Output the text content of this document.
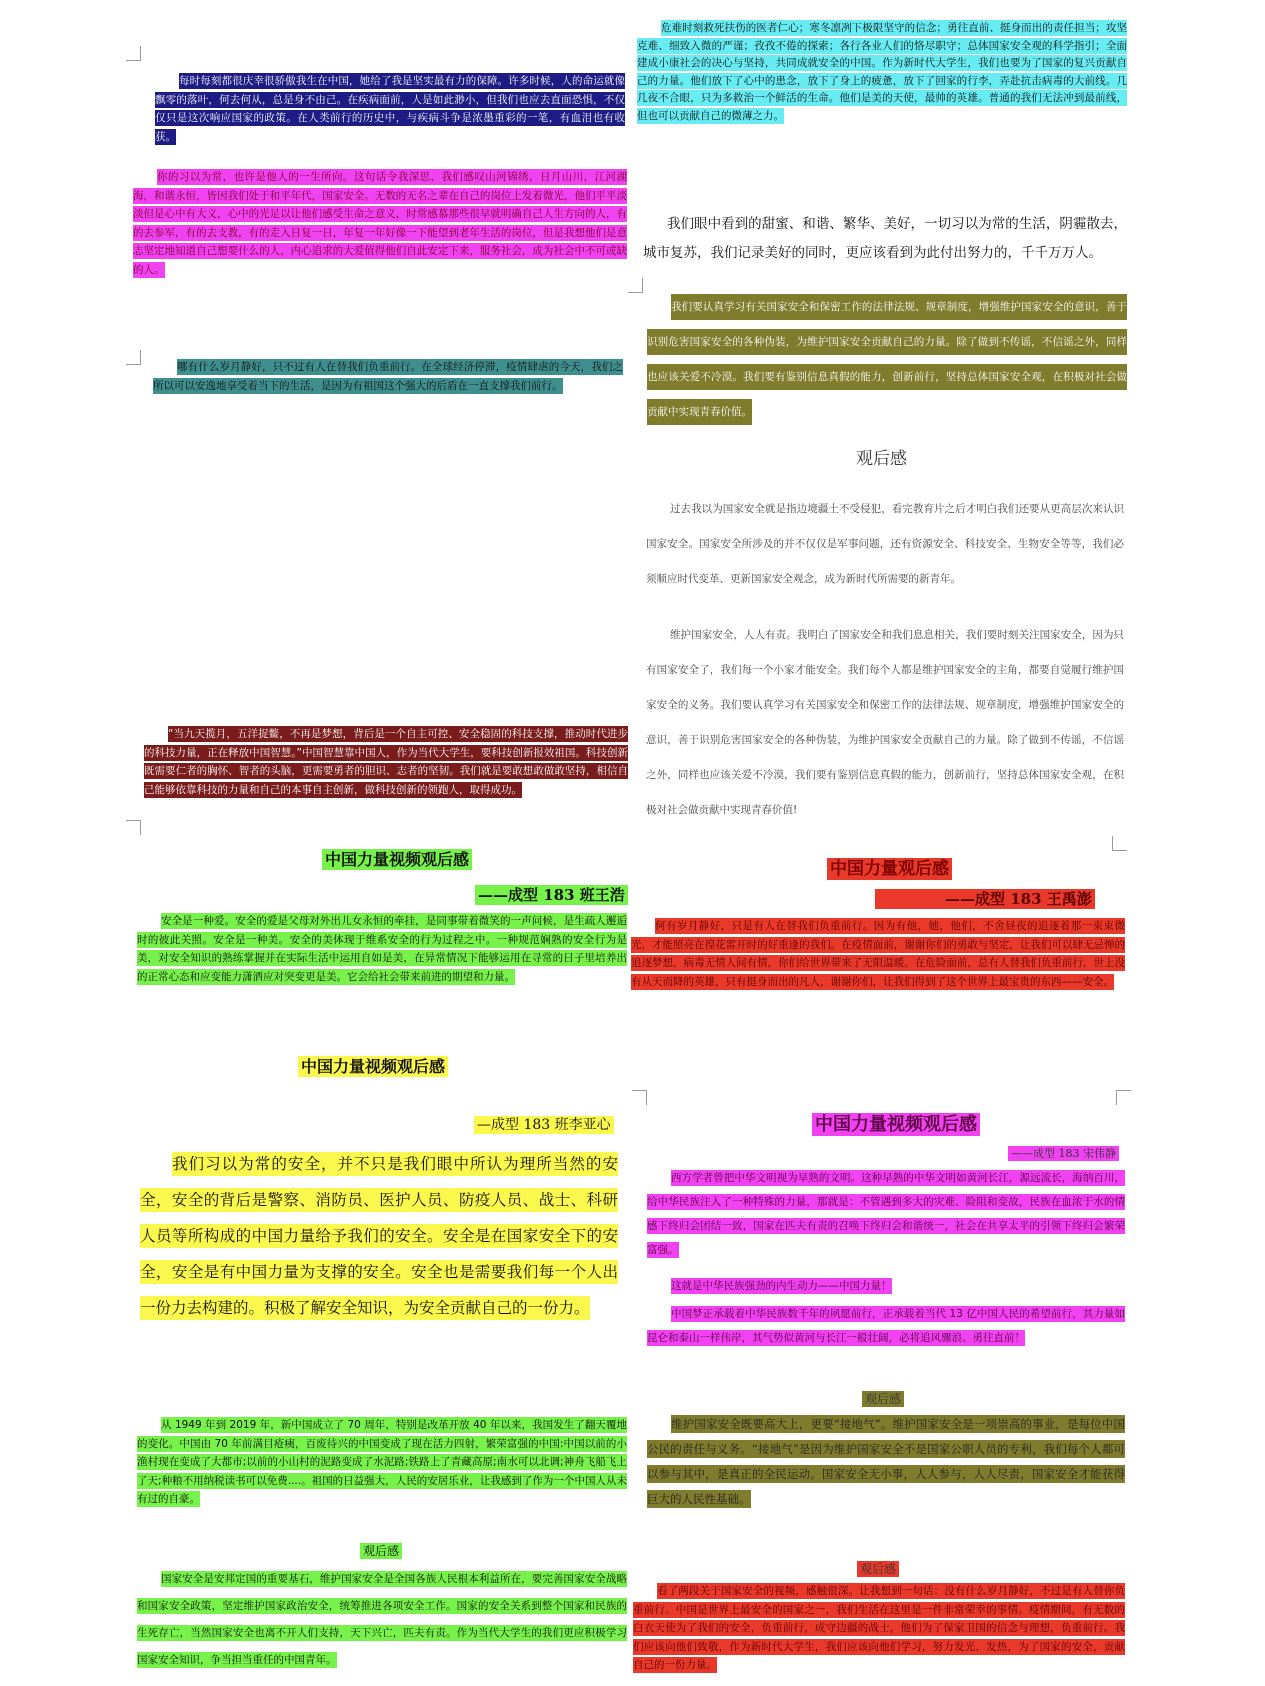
每时每刻都很庆幸很骄傲我生在中国，她给了我是坚实最有力的保障。许多时候，人的命运就像飘零的落叶，何去何从，总是身不由己。在疾病面前，人是如此渺小，但我们也应去直面恐惧，不仅仅只是这次响应国家的政策。在人类前行的历史中，与疾病斗争是浓墨重彩的一笔，有血泪也有收获。
你的习以为常，也许是他人的一生所向。这句话令我深思，我们感叹山河锦绣，日月山川，江河湖海，和谐永恒，皆因我们处于和平年代，国家安全。无数的无名之辈在自己的岗位上发着微光，他们平平淡淡但是心中有大义，心中的光足以让他们感受生命之意义，时常感慕那些很早就明确自己人生方向的人，有的去参军，有的去支教，有的走入日复一日，年复一年好像一下能望到老年生活的岗位，但是我想他们是意志坚定地知道自己想要什么的人，内心追求的大爱值得他们自此安定下来，服务社会，成为社会中不可或缺的人。
哪有什么岁月静好，只不过有人在替我们负重前行。在全球经济停滞，疫情肆虐的今天，我们之所以可以安逸地享受着当下的生活，是因为有祖国这个强大的后盾在一直支撑我们前行。
“当九天揽月，五洋捉鳖，不再是梦想，背后是一个自主可控、安全稳固的科技支撑，推动时代进步的科技力量，正在释放中国智慧。”中国智慧靠中国人，作为当代大学生，要科技创新报效祖国。科技创新既需要仁者的胸怀、智者的头脑，更需要勇者的胆识、志者的坚韧。我们就是要敢想敢做敢坚持，相信自己能够依靠科技的力量和自己的本事自主创新，做科技创新的领跑人，取得成功。
中国力量视频观后感
——成型 183 班王浩
安全是一种爱。安全的爱是父母对外出儿女永恒的牵挂，是同事带着微笑的一声问候，是生疏人邂逅时的彼此关照。安全是一种美。安全的美体现于维系安全的行为过程之中。一种规范娴熟的安全行为是美，对安全知识的熟练掌握并在实际生活中运用自如是美，在异常情况下能够运用在寻常的日子里培养出的正常心态和应变能力潇洒应对突变更是美。它会给社会带来前进的期望和力量。
中国力量视频观后感
—成型 183 班李亚心
我们习以为常的安全，并不只是我们眼中所认为理所当然的安全，安全的背后是警察、消防员、医护人员、防疫人员、战士、科研人员等所构成的中国力量给予我们的安全。安全是在国家安全下的安全，安全是有中国力量为支撑的安全。安全也是需要我们每一个人出一份力去构建的。积极了解安全知识，为安全贡献自己的一份力。
从 1949 年到 2019 年，新中国成立了 70 周年，特别是改革开放 40 年以来，我国发生了翻天覆地的变化。中国由 70 年前满目疮痍，百废待兴的中国变成了现在活力四射，繁荣富强的中国:中国以前的小渔村现在变成了大都市;以前的小山村的泥路变成了水泥路;铁路上了青藏高原;南水可以北调;神舟飞船飞上了天;种粮不用纳税读书可以免费....。祖国的日益强大，人民的安居乐业，让我感到了作为一个中国人从未有过的自豪。
观后感
国家安全是安邦定国的重要基石，维护国家安全是全国各族人民根本利益所在，要完善国家安全战略和国家安全政策，坚定维护国家政治安全，统筹推进各项安全工作。国家的安全关系到整个国家和民族的生死存亡，当然国家安全也离不开人们支持，天下兴亡，匹夫有责。作为当代大学生的我们更应积极学习国家安全知识，争当担当重任的中国青年。
危难时刻救死扶伤的医者仁心；寒冬凛冽下极限坚守的信念；勇往直前、挺身而出的责任担当；攻坚克难、细致入微的严谨；孜孜不倦的探索；各行各业人们的恪尽职守；总体国家安全观的科学指引；全面建成小康社会的决心与坚持，共同成就安全的中国。作为新时代大学生，我们也要为了国家的复兴贡献自己的力量。他们放下了心中的患念，放下了身上的疲惫，放下了回家的行李，弄赴抗击病毒的大前线。几几夜不合眼，只为多救治一个鲜活的生命。他们是美的天使，最帅的英雄。普通的我们无法冲到最前线，但也可以贡献自己的微薄之力。
我们眼中看到的甜蜜、和谐、繁华、美好，一切习以为常的生活，阴霾散去，城市复苏，我们记录美好的同时，更应该看到为此付出努力的，千千万万人。
我们要认真学习有关国家安全和保密工作的法律法规、规章制度，增强维护国家安全的意识，善于识别危害国家安全的各种伪装，为维护国家安全贡献自己的力量。除了做到不传谣，不信谣之外，同样也应该关爱不冷漠。我们要有鉴别信息真假的能力，创新前行，坚持总体国家安全观，在积极对社会做贡献中实现青春价值。
观后感
过去我以为国家安全就是指边境疆土不受侵犯，看完教育片之后才明白我们还要从更高层次来认识国家安全。国家安全所涉及的并不仅仅是军事问题，还有资源安全、科技安全、生物安全等等，我们必须顺应时代变革、更新国家安全观念，成为新时代所需要的新青年。
维护国家安全，人人有责。我明白了国家安全和我们息息相关，我们要时刻关注国家安全，因为只有国家安全了，我们每一个小家才能安全。我们每个人都是维护国家安全的主角，都要自觉履行维护国家安全的义务。我们要认真学习有关国家安全和保密工作的法律法规、规章制度，增强维护国家安全的意识，善于识别危害国家安全的各种伪装，为维护国家安全贡献自己的力量。除了做到不传谣，不信谣之外，同样也应该关爱不冷漠，我们要有鉴别信息真假的能力，创新前行，坚持总体国家安全观，在积极对社会做贡献中实现青春价值!
中国力量观后感
——成型 183 王禹澎
何有岁月静好，只是有人在替我们负重前行。因为有他，她，他们，不舍昼夜的追逐着那一束束微光，才能照亮在徨花雷开时的好重逢的我们。在疫情面前，谢谢你们的勇敢与坚定，让我们可以肆无忌惮的追逐梦想，病毒无情人间有情，你们给世界带来了无限温暖。在危险面前，总有人替我们负重前行，世上没有从天而降的英雄，只有挺身而出的凡人，谢谢你们，让我们得到了这个世界上最宝贵的东西——安全。
中国力量视频观后感
——成型 183 宋伟静
西方学者曾把中华文明视为早熟的文明。这种早熟的中华文明如黄河长江，源远流长，海纳百川，给中华民族注入了一种特殊的力量，那就是：不管遇到多大的灾难、险阻和变故，民族在血浓于水的情感下终归会团结一致，国家在匹夫有责的召唤下终归会和谐统一，社会在共享太平的引领下终归会繁荣富强。
这就是中华民族强劲的内生动力——中国力量！
中国梦正承载着中华民族数千年的夙愿前行，正承载着当代 13 亿中国人民的希望前行，其力量如昆仑和泰山一样伟岸，其气势似黄河与长江一般壮阔，必将追风骤浪、勇往直前！
观后感
维护国家安全既要高大上，更要“接地气”。维护国家安全是一项崇高的事业，是每位中国公民的责任与义务。“接地气”是因为维护国家安全不是国家公职人员的专利，我们每个人都可以参与其中，是真正的全民运动。国家安全无小事，人人参与，人人尽责，国家安全才能获得巨大的人民性基础。
观后感
看了两段关于国家安全的视频，感触很深。让我想到一句话：没有什么岁月静好，不过是有人替你负重前行。中国是世界上最安全的国家之一，我们生活在这里是一件非常荣幸的事情。疫情期间，有无数的白衣天使为了我们的安全，负重前行，成守边疆的战士，他们为了保家卫国的信念与理想，负重前行。我们应该向他们致敬，作为新时代大学生，我们应该向他们学习，努力发光、发热，为了国家的安全，贡献自己的一份力量。
